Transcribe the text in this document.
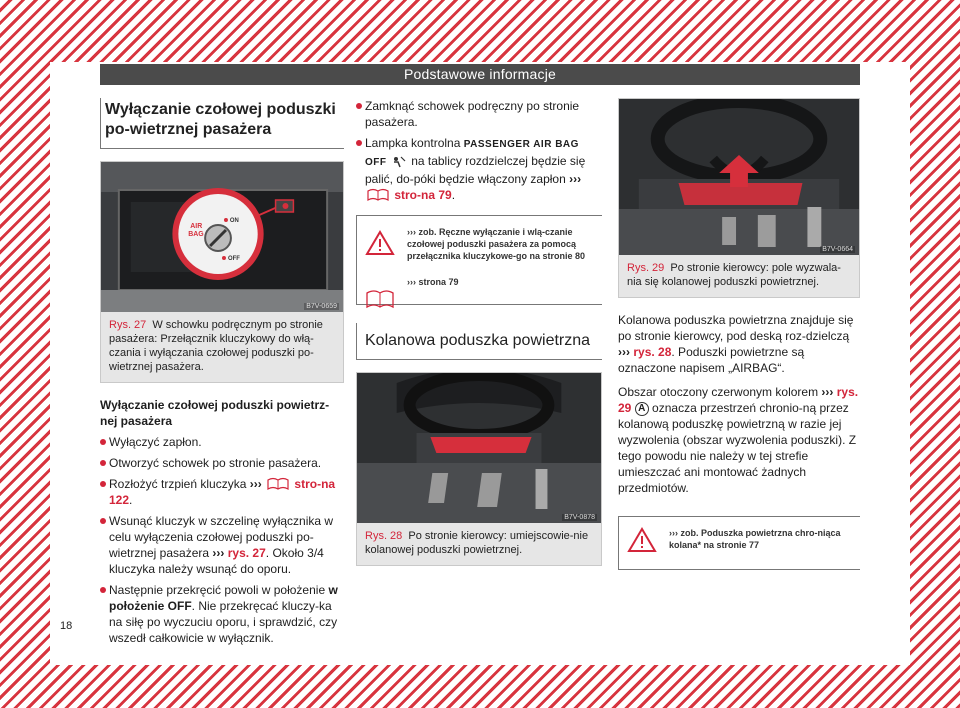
Podstawowe informacje
Wyłączanie czołowej poduszki po-wietrznej pasażera
AIR
BAG
ON
OFF
B7V-0659
Rys. 27 W schowku podręcznym po stronie pasażera: Przełącznik kluczykowy do włą-czania i wyłączania czołowej poduszki po-wietrznej pasażera.
Wyłączanie czołowej poduszki powietrz-nej pasażera
Wyłączyć zapłon.
Otworzyć schowek po stronie pasażera.
Rozłożyć trzpień kluczyka ›››	stro-na 122.
Wsunąć kluczyk w szczelinę wyłącznika w celu wyłączenia czołowej poduszki po-wietrznej pasażera ››› rys. 27. Około 3/4 kluczyka należy wsunąć do oporu.
Następnie przekręcić powoli w położenie w położenie OFF. Nie przekręcać kluczy-ka na siłę po wyczuciu oporu, i sprawdzić, czy wszedł całkowicie w wyłącznik.
Zamknąć schowek podręczny po stronie pasażera.
Lampka kontrolna PASSENGER AIR BAG OFF na tablicy rozdzielczej będzie się palić, do-póki będzie włączony zapłon ›››  stro-na 79.
››› zob. Ręczne wyłączanie i wlą-czanie czołowej poduszki pasażera za pomocą przełącznika kluczykowe-go na stronie 80
››› strona 79
Kolanowa poduszka powietrzna
B7V-0878
Rys. 28 Po stronie kierowcy: umiejscowie-nie kolanowej poduszki powietrznej.
B7V-0664
Rys. 29 Po stronie kierowcy: pole wyzwala-nia się kolanowej poduszki powietrznej.
Kolanowa poduszka powietrzna znajduje się po stronie kierowcy, pod deską roz-dzielczą ››› rys. 28. Poduszki powietrzne są oznaczone napisem „AIRBAG“.
Obszar otoczony czerwonym kolorem ››› rys. 29 A oznacza przestrzeń chronio-ną przez kolanową poduszkę powietrzną w razie jej wyzwolenia (obszar wyzwolenia poduszki). Z tego powodu nie należy w tej strefie umieszczać ani montować żadnych przedmiotów.
››› zob. Poduszka powietrzna chro-niąca kolana* na stronie 77
18
